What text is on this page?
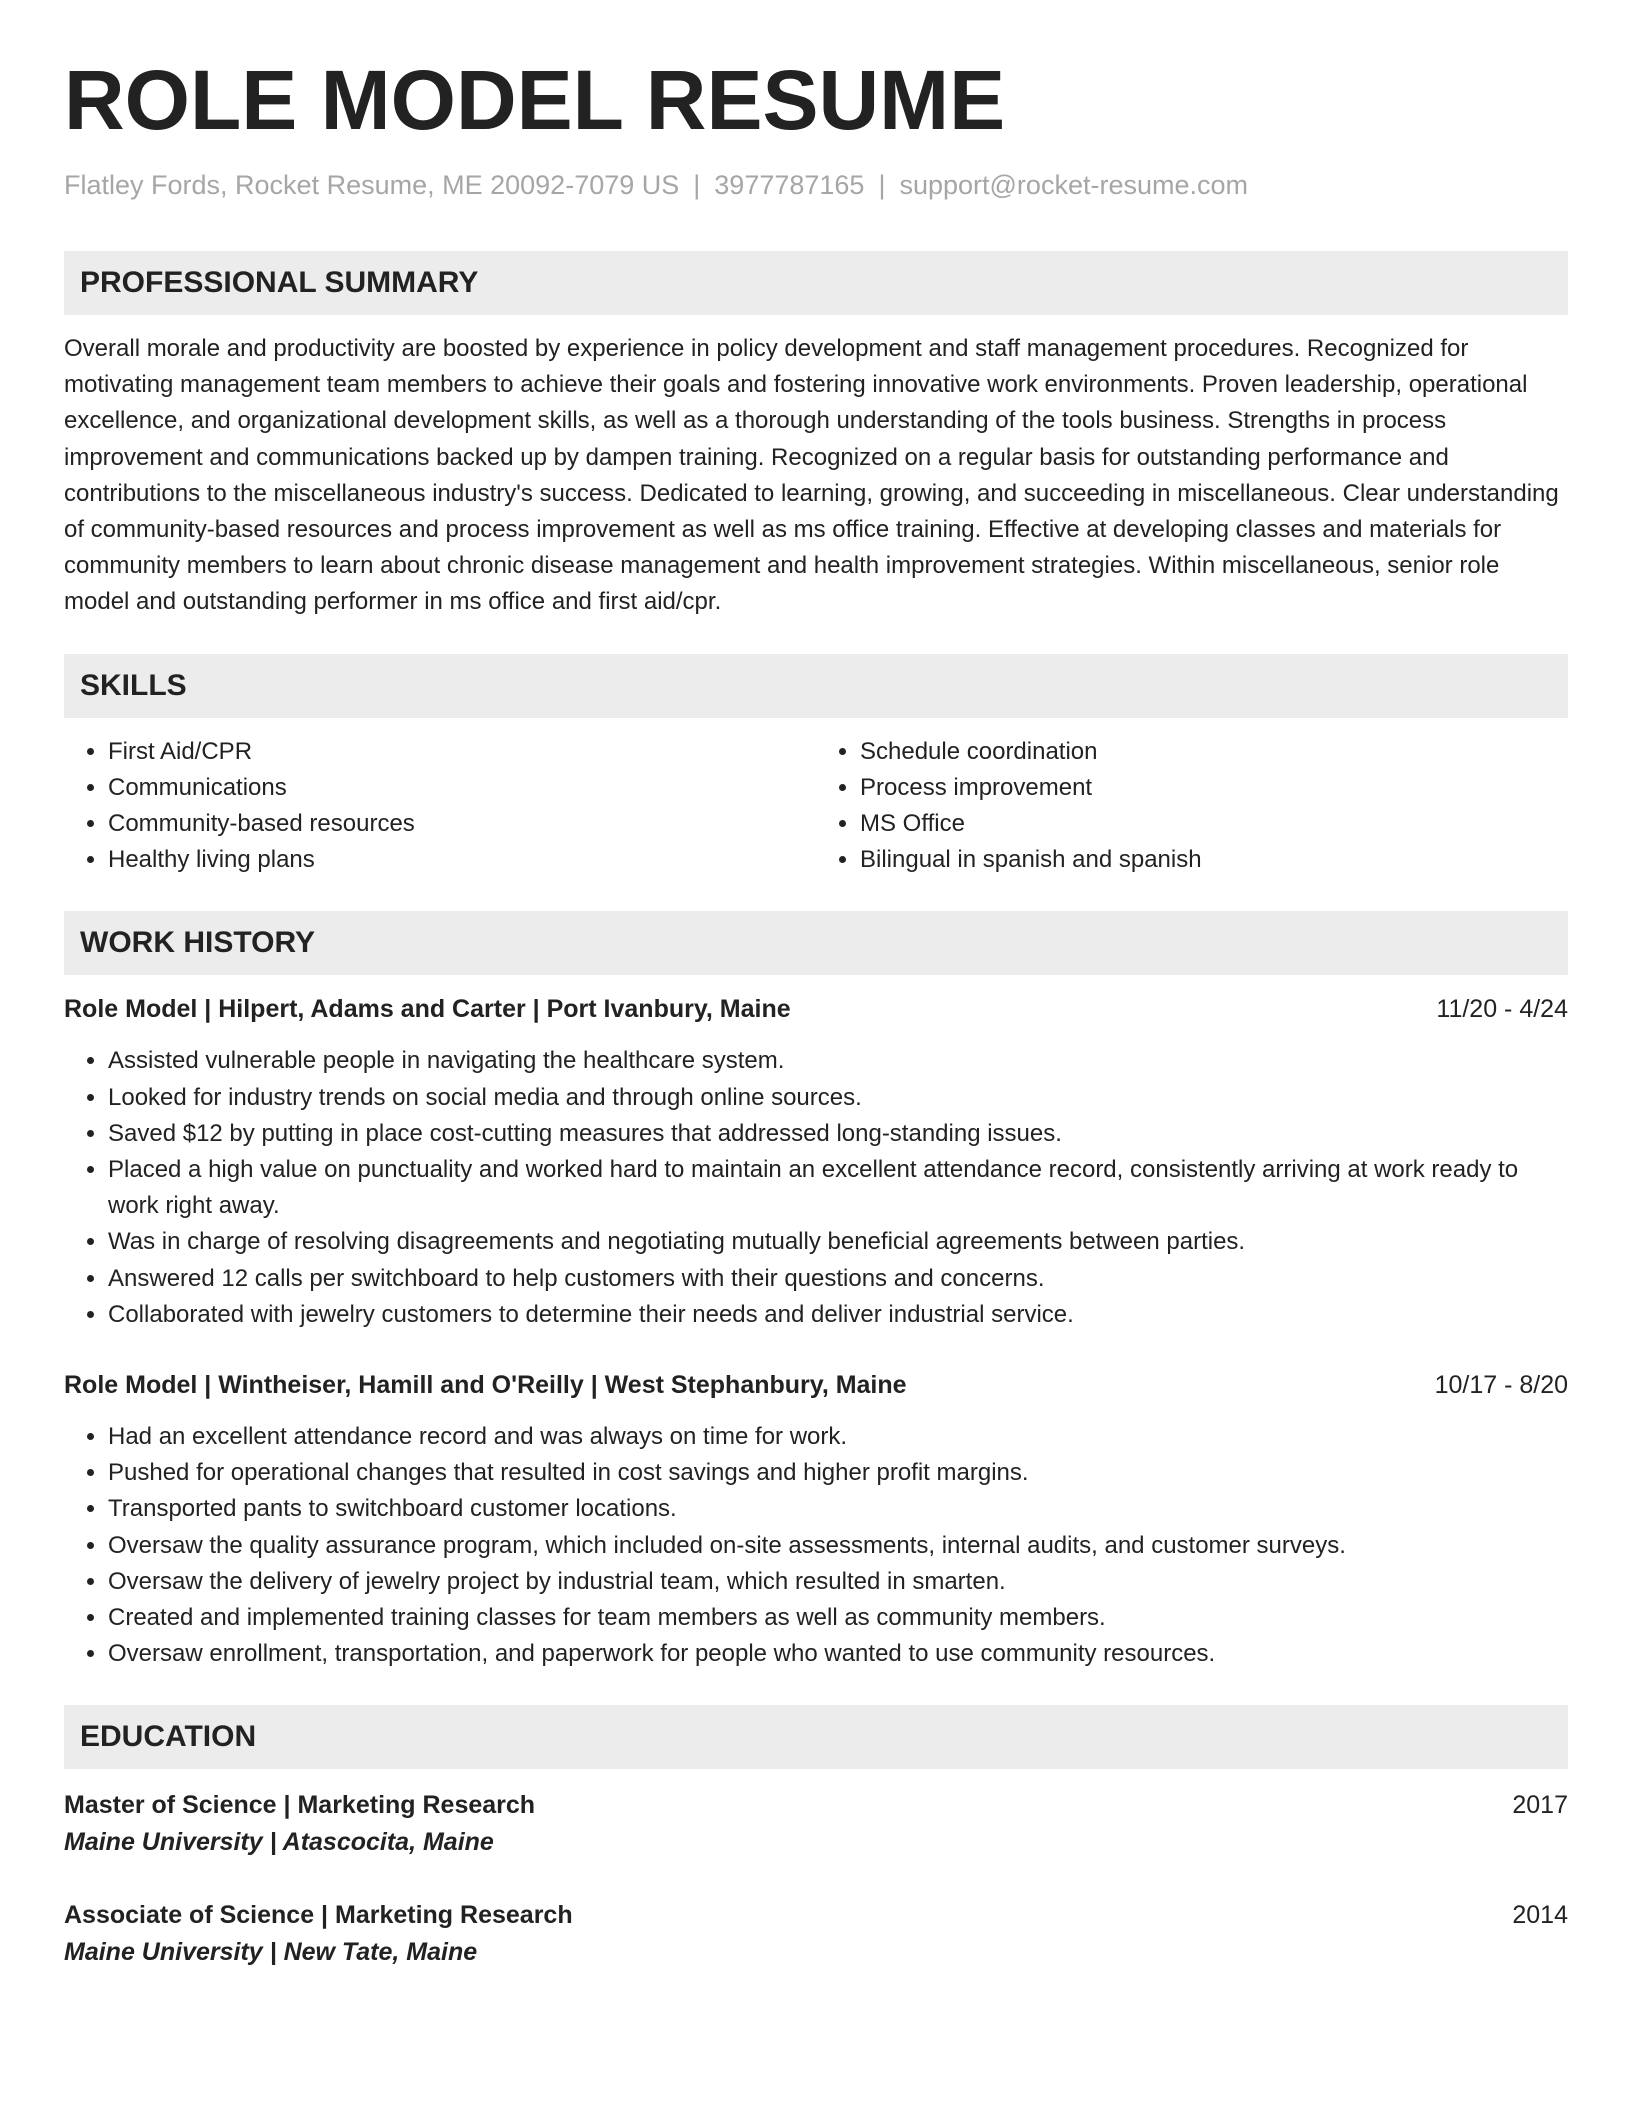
ROLE MODEL RESUME
Flatley Fords, Rocket Resume, ME 20092-7079 US | 3977787165 | support@rocket-resume.com
PROFESSIONAL SUMMARY

Overall morale and productivity are boosted by experience in policy development and staff management procedures. Recognized for motivating management team members to achieve their goals and fostering innovative work environments. Proven leadership, operational excellence, and organizational development skills, as well as a thorough understanding of the tools business. Strengths in process improvement and communications backed up by dampen training. Recognized on a regular basis for outstanding performance and contributions to the miscellaneous industry's success. Dedicated to learning, growing, and succeeding in miscellaneous. Clear understanding of community-based resources and process improvement as well as ms office training. Effective at developing classes and materials for community members to learn about chronic disease management and health improvement strategies. Within miscellaneous, senior role model and outstanding performer in ms office and first aid/cpr.

SKILLS
• First Aid/CPR
• Communications
• Community-based resources
• Healthy living plans
• Schedule coordination
• Process improvement
• MS Office
• Bilingual in spanish and spanish
WORK HISTORY
Role Model | Hilpert, Adams and Carter | Port Ivanbury, Maine	11/20 - 4/24
• Assisted vulnerable people in navigating the healthcare system.
• Looked for industry trends on social media and through online sources.
• Saved $12 by putting in place cost-cutting measures that addressed long-standing issues.
• Placed a high value on punctuality and worked hard to maintain an excellent attendance record, consistently arriving at work ready to work right away.
• Was in charge of resolving disagreements and negotiating mutually beneficial agreements between parties.
• Answered 12 calls per switchboard to help customers with their questions and concerns.
• Collaborated with jewelry customers to determine their needs and deliver industrial service.
Role Model | Wintheiser, Hamill and O'Reilly | West Stephanbury, Maine	10/17 - 8/20
• Had an excellent attendance record and was always on time for work.
• Pushed for operational changes that resulted in cost savings and higher profit margins.
• Transported pants to switchboard customer locations.
• Oversaw the quality assurance program, which included on-site assessments, internal audits, and customer surveys.
• Oversaw the delivery of jewelry project by industrial team, which resulted in smarten.
• Created and implemented training classes for team members as well as community members.
• Oversaw enrollment, transportation, and paperwork for people who wanted to use community resources.
EDUCATION
Master of Science | Marketing Research	2017
Maine University | Atascocita, Maine
Associate of Science | Marketing Research	2014
Maine University | New Tate, Maine
